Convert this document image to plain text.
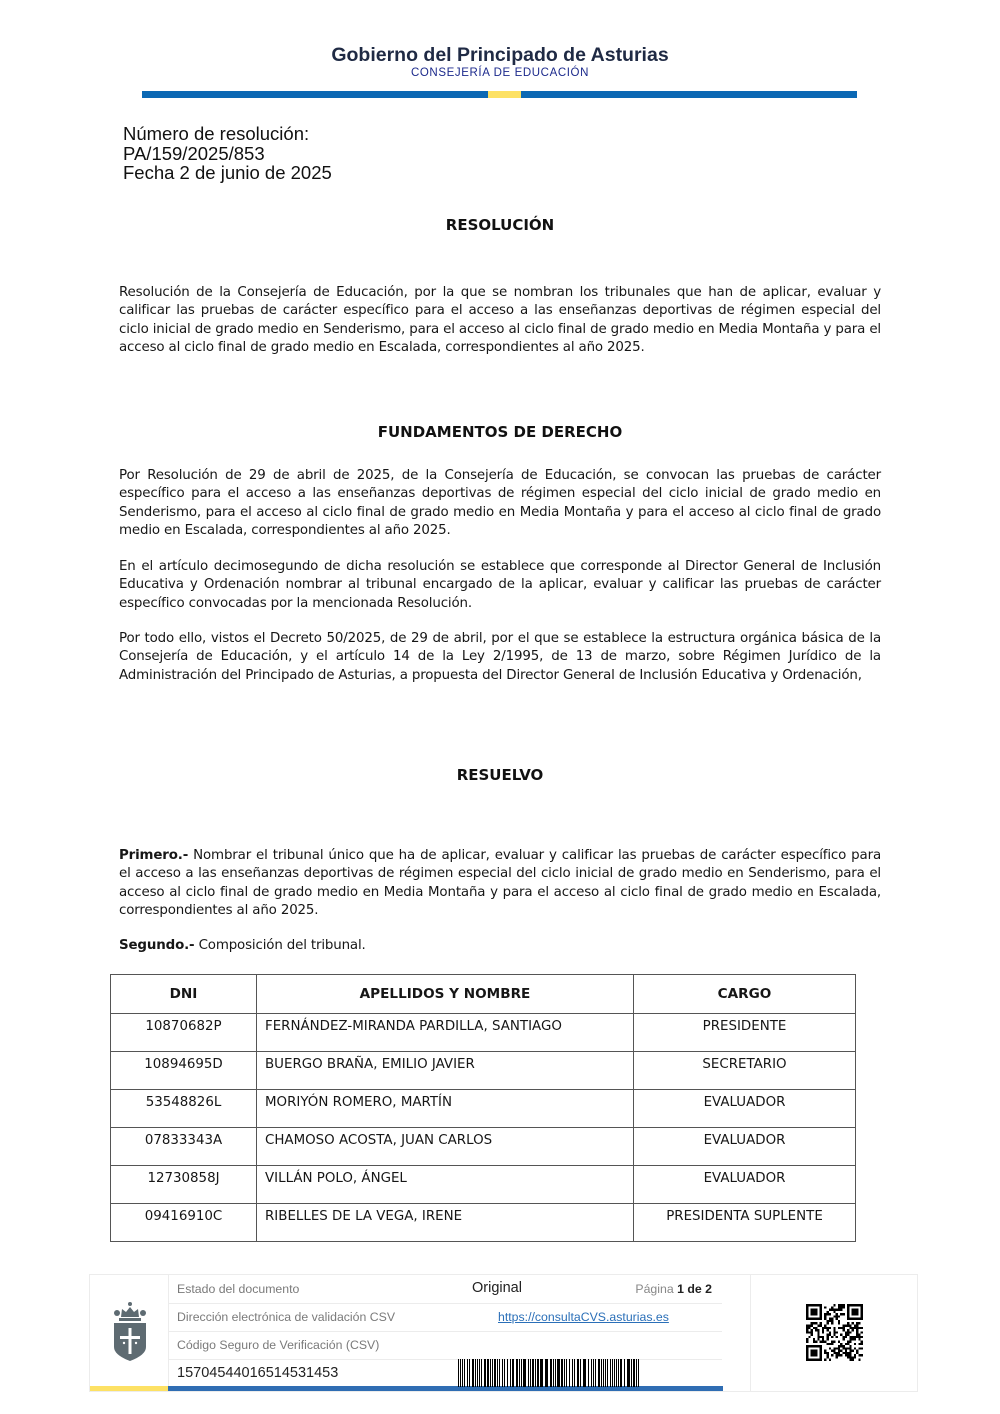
Gobierno del Principado de Asturias
CONSEJERÍA DE EDUCACIÓN
Número de resolución:
PA/159/2025/853
Fecha 2 de junio de 2025
RESOLUCIÓN
Resolución de la Consejería de Educación, por la que se nombran los tribunales que han de aplicar, evaluar y calificar las pruebas de carácter específico para el acceso a las enseñanzas deportivas de régimen especial del ciclo inicial de grado medio en Senderismo, para el acceso al ciclo final de grado medio en Media Montaña y para el acceso al ciclo final de grado medio en Escalada, correspondientes al año 2025.
FUNDAMENTOS DE DERECHO
Por Resolución de 29 de abril de 2025, de la Consejería de Educación, se convocan las pruebas de carácter específico para el acceso a las enseñanzas deportivas de régimen especial del ciclo inicial de grado medio en Senderismo, para el acceso al ciclo final de grado medio en Media Montaña y para el acceso al ciclo final de grado medio en Escalada, correspondientes al año 2025.
En el artículo decimosegundo de dicha resolución se establece que corresponde al Director General de Inclusión Educativa y Ordenación nombrar al tribunal encargado de la aplicar, evaluar y calificar las pruebas de carácter específico convocadas por la mencionada Resolución.
Por todo ello, vistos el Decreto 50/2025, de 29 de abril, por el que se establece la estructura orgánica básica de la Consejería de Educación, y el artículo 14 de la Ley 2/1995, de 13 de marzo, sobre Régimen Jurídico de la Administración del Principado de Asturias, a propuesta del Director General de Inclusión Educativa y Ordenación,
RESUELVO
Primero.- Nombrar el tribunal único que ha de aplicar, evaluar y calificar las pruebas de carácter específico para el acceso a las enseñanzas deportivas de régimen especial del ciclo inicial de grado medio en Senderismo, para el acceso al ciclo final de grado medio en Media Montaña y para el acceso al ciclo final de grado medio en Escalada, correspondientes al año 2025.
Segundo.- Composición del tribunal.
DNI	APELLIDOS Y NOMBRE	CARGO
10870682P	FERNÁNDEZ-MIRANDA PARDILLA, SANTIAGO	PRESIDENTE
10894695D	BUERGO BRAÑA, EMILIO JAVIER	SECRETARIO
53548826L	MORIYÓN ROMERO, MARTÍN	EVALUADOR
07833343A	CHAMOSO ACOSTA, JUAN CARLOS	EVALUADOR
12730858J	VILLÁN POLO, ÁNGEL	EVALUADOR
09416910C	RIBELLES DE LA VEGA, IRENE	PRESIDENTA SUPLENTE
Estado del documento	Original	Página 1 de 2
Dirección electrónica de validación CSV	https://consultaCVS.asturias.es
Código Seguro de Verificación (CSV)
15704544016514531453
